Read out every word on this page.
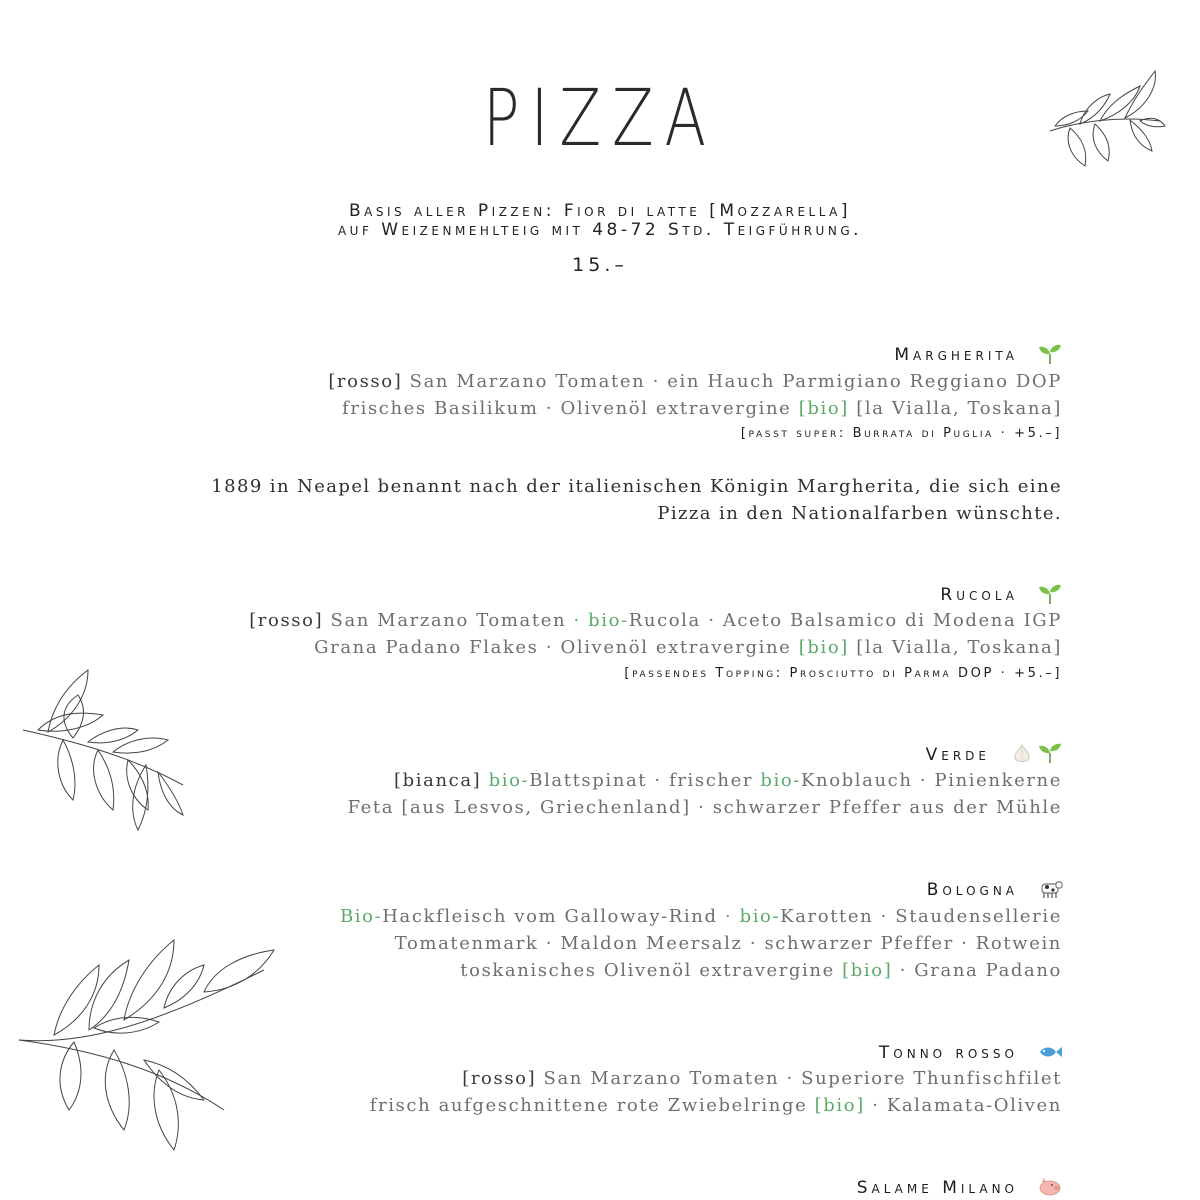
PIZZA
Basis aller Pizzen: Fior di latte [Mozzarella]
auf Weizenmehlteig mit 48-72 Std. Teigführung.
15.–
Margherita
[rosso] San Marzano Tomaten · ein Hauch Parmigiano Reggiano DOP
frisches Basilikum · Olivenöl extravergine [bio] [la Vialla, Toskana]
[passt super: Burrata di Puglia · +5.–]
1889 in Neapel benannt nach der italienischen Königin Margherita, die sich eine
Pizza in den Nationalfarben wünschte.
Rucola
[rosso] San Marzano Tomaten · bio-Rucola · Aceto Balsamico di Modena IGP
Grana Padano Flakes · Olivenöl extravergine [bio] [la Vialla, Toskana]
[passendes Topping: Prosciutto di Parma DOP · +5.–]
Verde
[bianca] bio-Blattspinat · frischer bio-Knoblauch · Pinienkerne
Feta [aus Lesvos, Griechenland] · schwarzer Pfeffer aus der Mühle
Bologna
Bio-Hackfleisch vom Galloway-Rind · bio-Karotten · Staudensellerie
Tomatenmark · Maldon Meersalz · schwarzer Pfeffer · Rotwein
toskanisches Olivenöl extravergine [bio] · Grana Padano
Tonno rosso
[rosso] San Marzano Tomaten · Superiore Thunfischfilet
frisch aufgeschnittene rote Zwiebelringe [bio] · Kalamata-Oliven
Salame Milano
